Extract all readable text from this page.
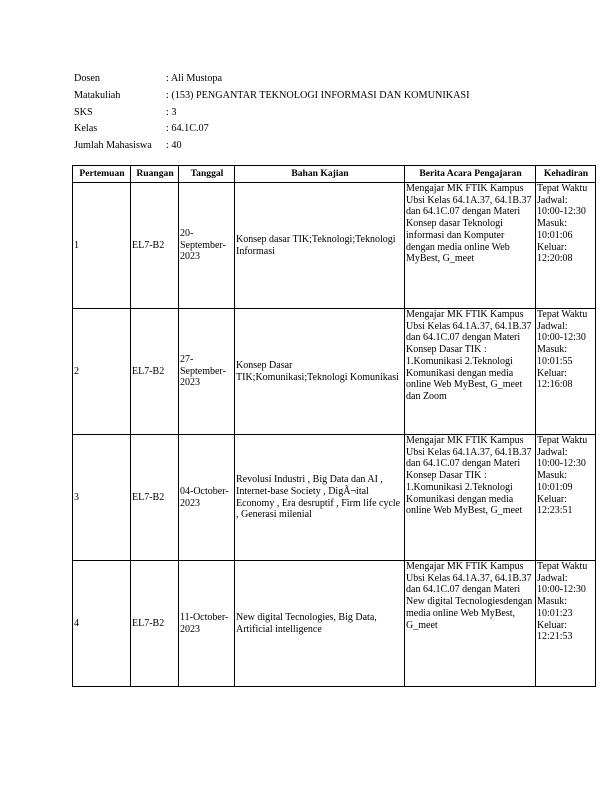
Dosen	: Ali Mustopa
Matakuliah	: (153) PENGANTAR TEKNOLOGI INFORMASI DAN KOMUNIKASI
SKS	: 3
Kelas	: 64.1C.07
Jumlah Mahasiswa	: 40
Pertemuan	Ruangan	Tanggal	Bahan Kajian	Berita Acara Pengajaran	Kehadiran
1	EL7-B2	20-September-2023	Konsep dasar TIK;Teknologi;Teknologi Informasi	Mengajar MK FTIK Kampus Ubsi Kelas 64.1A.37, 64.1B.37 dan 64.1C.07 dengan Materi Konsep dasar Teknologi informasi dan Komputer dengan media online Web MyBest, G_meet	Tepat Waktu Jadwal: 10:00-12:30 Masuk: 10:01:06 Keluar: 12:20:08
2	EL7-B2	27-September-2023	Konsep Dasar TIK;Komunikasi;Teknologi Komunikasi	Mengajar MK FTIK Kampus Ubsi Kelas 64.1A.37, 64.1B.37 dan 64.1C.07 dengan Materi Konsep Dasar TIK : 1.Komunikasi 2.Teknologi Komunikasi dengan media online Web MyBest, G_meet dan Zoom	Tepat Waktu Jadwal: 10:00-12:30 Masuk: 10:01:55 Keluar: 12:16:08
3	EL7-B2	04-October-2023	Revolusi Industri , Big Data dan AI , Internet-base Society , DigÃ¬ital Economy , Era desruptif , Firm life cycle , Generasi milenial	Mengajar MK FTIK Kampus Ubsi Kelas 64.1A.37, 64.1B.37 dan 64.1C.07 dengan Materi Konsep Dasar TIK : 1.Komunikasi 2.Teknologi Komunikasi dengan media online Web MyBest, G_meet	Tepat Waktu Jadwal: 10:00-12:30 Masuk: 10:01:09 Keluar: 12:23:51
4	EL7-B2	11-October-2023	New digital Tecnologies, Big Data, Artificial intelligence	Mengajar MK FTIK Kampus Ubsi Kelas 64.1A.37, 64.1B.37 dan 64.1C.07 dengan Materi New digital Tecnologiesdengan media online Web MyBest, G_meet	Tepat Waktu Jadwal: 10:00-12:30 Masuk: 10:01:23 Keluar: 12:21:53
